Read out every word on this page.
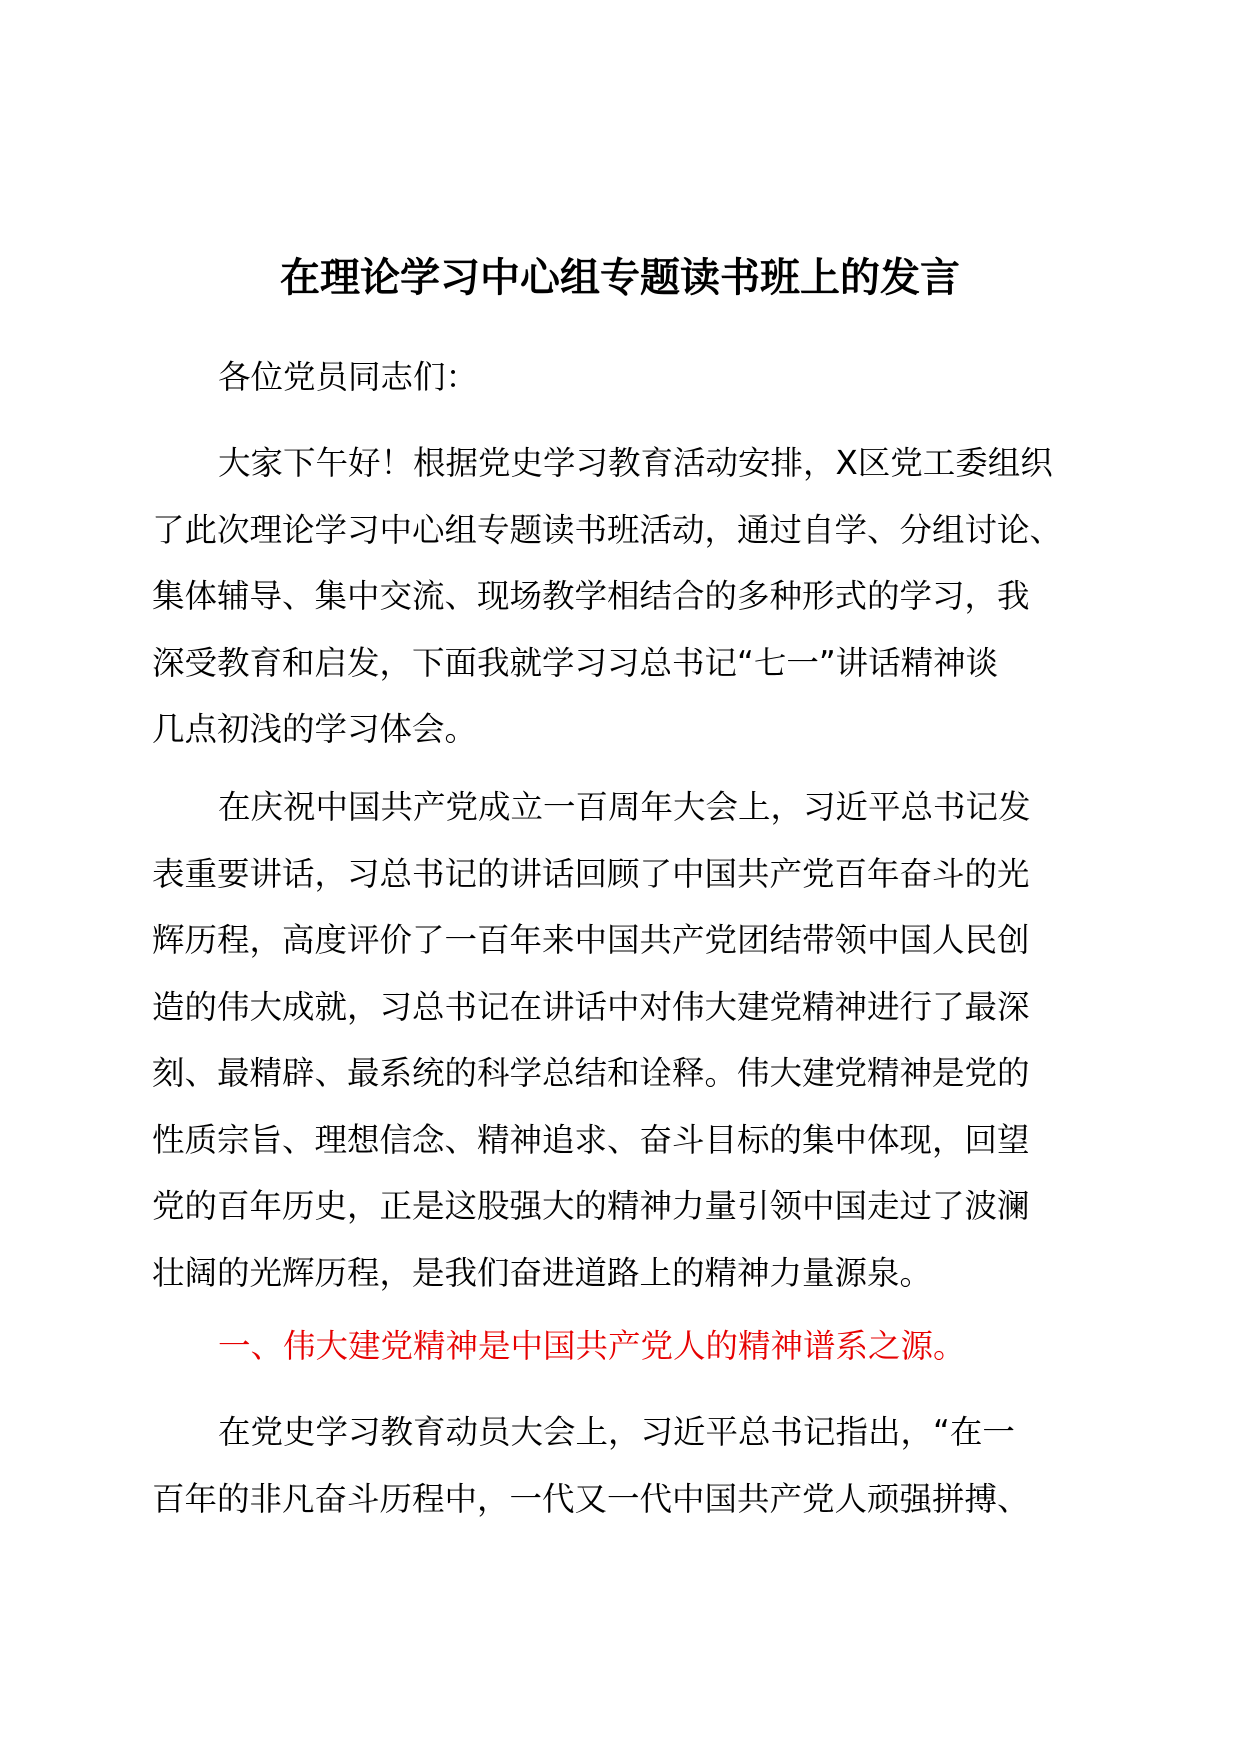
在理论学习中心组专题读书班上的发言

各位党员同志们：

大家下午好！根据党史学习教育活动安排，X区党工委组织
了此次理论学习中心组专题读书班活动，通过自学、分组讨论、
集体辅导、集中交流、现场教学相结合的多种形式的学习，我
深受教育和启发，下面我就学习习总书记“七一”讲话精神谈
几点初浅的学习体会。
在庆祝中国共产党成立一百周年大会上，习近平总书记发
表重要讲话，习总书记的讲话回顾了中国共产党百年奋斗的光
辉历程，高度评价了一百年来中国共产党团结带领中国人民创
造的伟大成就，习总书记在讲话中对伟大建党精神进行了最深
刻、最精辟、最系统的科学总结和诠释。伟大建党精神是党的
性质宗旨、理想信念、精神追求、奋斗目标的集中体现，回望
党的百年历史，正是这股强大的精神力量引领中国走过了波澜
壮阔的光辉历程，是我们奋进道路上的精神力量源泉。

一、伟大建党精神是中国共产党人的精神谱系之源。

在党史学习教育动员大会上，习近平总书记指出，“在一
百年的非凡奋斗历程中，一代又一代中国共产党人顽强拼搏、
